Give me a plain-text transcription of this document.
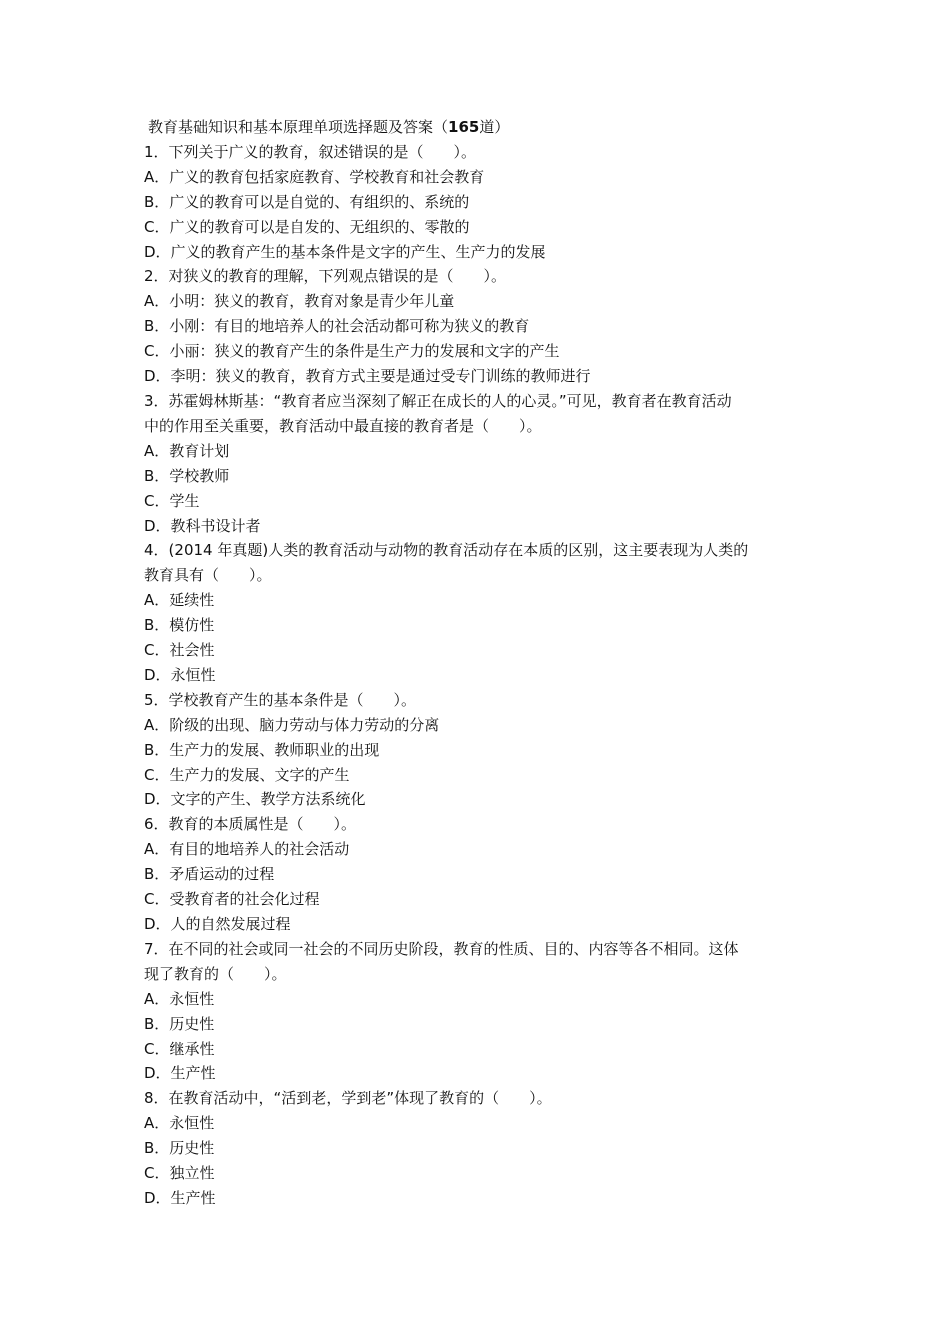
教育基础知识和基本原理单项选择题及答案（165道）
1．下列关于广义的教育，叙述错误的是（　　）。
A．广义的教育包括家庭教育、学校教育和社会教育
B．广义的教育可以是自觉的、有组织的、系统的
C．广义的教育可以是自发的、无组织的、零散的
D．广义的教育产生的基本条件是文字的产生、生产力的发展
2．对狭义的教育的理解，下列观点错误的是（　　）。
A．小明：狭义的教育，教育对象是青少年儿童
B．小刚：有目的地培养人的社会活动都可称为狭义的教育
C．小丽：狭义的教育产生的条件是生产力的发展和文字的产生
D．李明：狭义的教育，教育方式主要是通过受专门训练的教师进行
3．苏霍姆林斯基：“教育者应当深刻了解正在成长的人的心灵。”可见，教育者在教育活动
中的作用至关重要，教育活动中最直接的教育者是（　　）。
A．教育计划
B．学校教师
C．学生
D．教科书设计者
4．(2014 年真题)人类的教育活动与动物的教育活动存在本质的区别，这主要表现为人类的
教育具有（　　）。
A．延续性
B．模仿性
C．社会性
D．永恒性
5．学校教育产生的基本条件是（　　）。
A．阶级的出现、脑力劳动与体力劳动的分离
B．生产力的发展、教师职业的出现
C．生产力的发展、文字的产生
D．文字的产生、教学方法系统化
6．教育的本质属性是（　　）。
A．有目的地培养人的社会活动
B．矛盾运动的过程
C．受教育者的社会化过程
D．人的自然发展过程
7．在不同的社会或同一社会的不同历史阶段，教育的性质、目的、内容等各不相同。这体
现了教育的（　　）。
A．永恒性
B．历史性
C．继承性
D．生产性
8．在教育活动中，“活到老，学到老”体现了教育的（　　）。
A．永恒性
B．历史性
C．独立性
D．生产性
